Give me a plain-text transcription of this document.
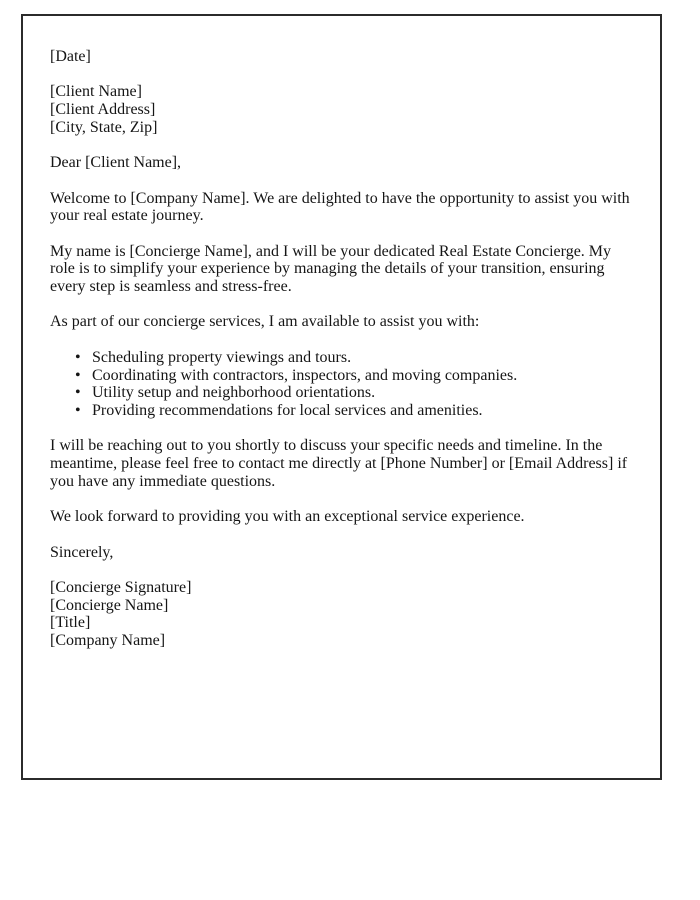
[Date]
[Client Name]
[Client Address]
[City, State, Zip]
Dear [Client Name],
Welcome to [Company Name]. We are delighted to have the opportunity to assist you with
your real estate journey.
My name is [Concierge Name], and I will be your dedicated Real Estate Concierge. My
role is to simplify your experience by managing the details of your transition, ensuring
every step is seamless and stress-free.
As part of our concierge services, I am available to assist you with:
• Scheduling property viewings and tours.
• Coordinating with contractors, inspectors, and moving companies.
• Utility setup and neighborhood orientations.
• Providing recommendations for local services and amenities.
I will be reaching out to you shortly to discuss your specific needs and timeline. In the
meantime, please feel free to contact me directly at [Phone Number] or [Email Address] if
you have any immediate questions.
We look forward to providing you with an exceptional service experience.
Sincerely,
[Concierge Signature]
[Concierge Name]
[Title]
[Company Name]
